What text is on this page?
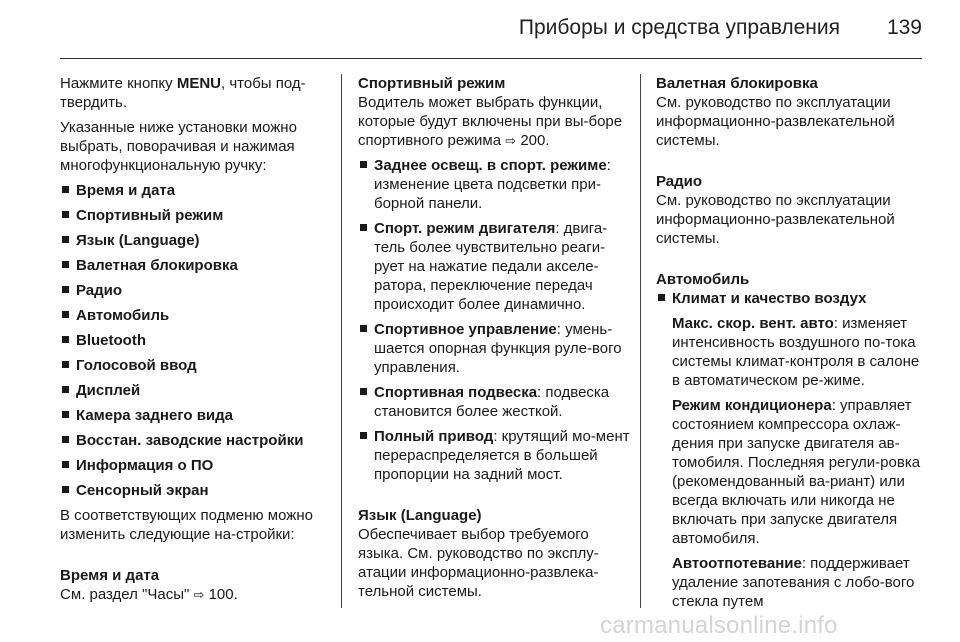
Приборы и средства управления 139

Нажмите кнопку MENU, чтобы под-твердить.

Указанные ниже установки можно выбрать, поворачивая и нажимая многофункциональную ручку:

Время и дата
Спортивный режим
Язык (Language)
Валетная блокировка
Радио
Автомобиль
Bluetooth
Голосовой ввод
Дисплей
Камера заднего вида
Восстан. заводские настройки
Информация о ПО
Сенсорный экран

В соответствующих подменю можно изменить следующие на-стройки:

Время и дата

См. раздел "Часы" ⇨ 100.

Спортивный режим

Водитель может выбрать функции, которые будут включены при вы-боре спортивного режима ⇨ 200.

Заднее освещ. в спорт. режиме: изменение цвета подсветки при-борной панели.
Спорт. режим двигателя: двига-тель более чувствительно реаги-рует на нажатие педали акселе-ратора, переключение передач происходит более динамично.
Спортивное управление: умень-шается опорная функция руле-вого управления.
Спортивная подвеска: подвеска становится более жесткой.
Полный привод: крутящий мо-мент перераспределяется в большей пропорции на задний мост.

Язык (Language)

Обеспечивает выбор требуемого языка. См. руководство по эксплу-атации информационно-развлека-тельной системы.

Валетная блокировка

См. руководство по эксплуатации информационно-развлекательной системы.

Радио

См. руководство по эксплуатации информационно-развлекательной системы.

Автомобиль

Климат и качество воздух

Макс. скор. вент. авто: изменяет интенсивность воздушного по-тока системы климат-контроля в салоне в автоматическом ре-жиме.

Режим кондиционера: управляет состоянием компрессора охлаж-дения при запуске двигателя ав-томобиля. Последняя регули-ровка (рекомендованный ва-риант) или всегда включать или никогда не включать при запуске двигателя автомобиля.

Автоотпотевание: поддерживает удаление запотевания с лобо-вого стекла путем

carmanualsonline.info
